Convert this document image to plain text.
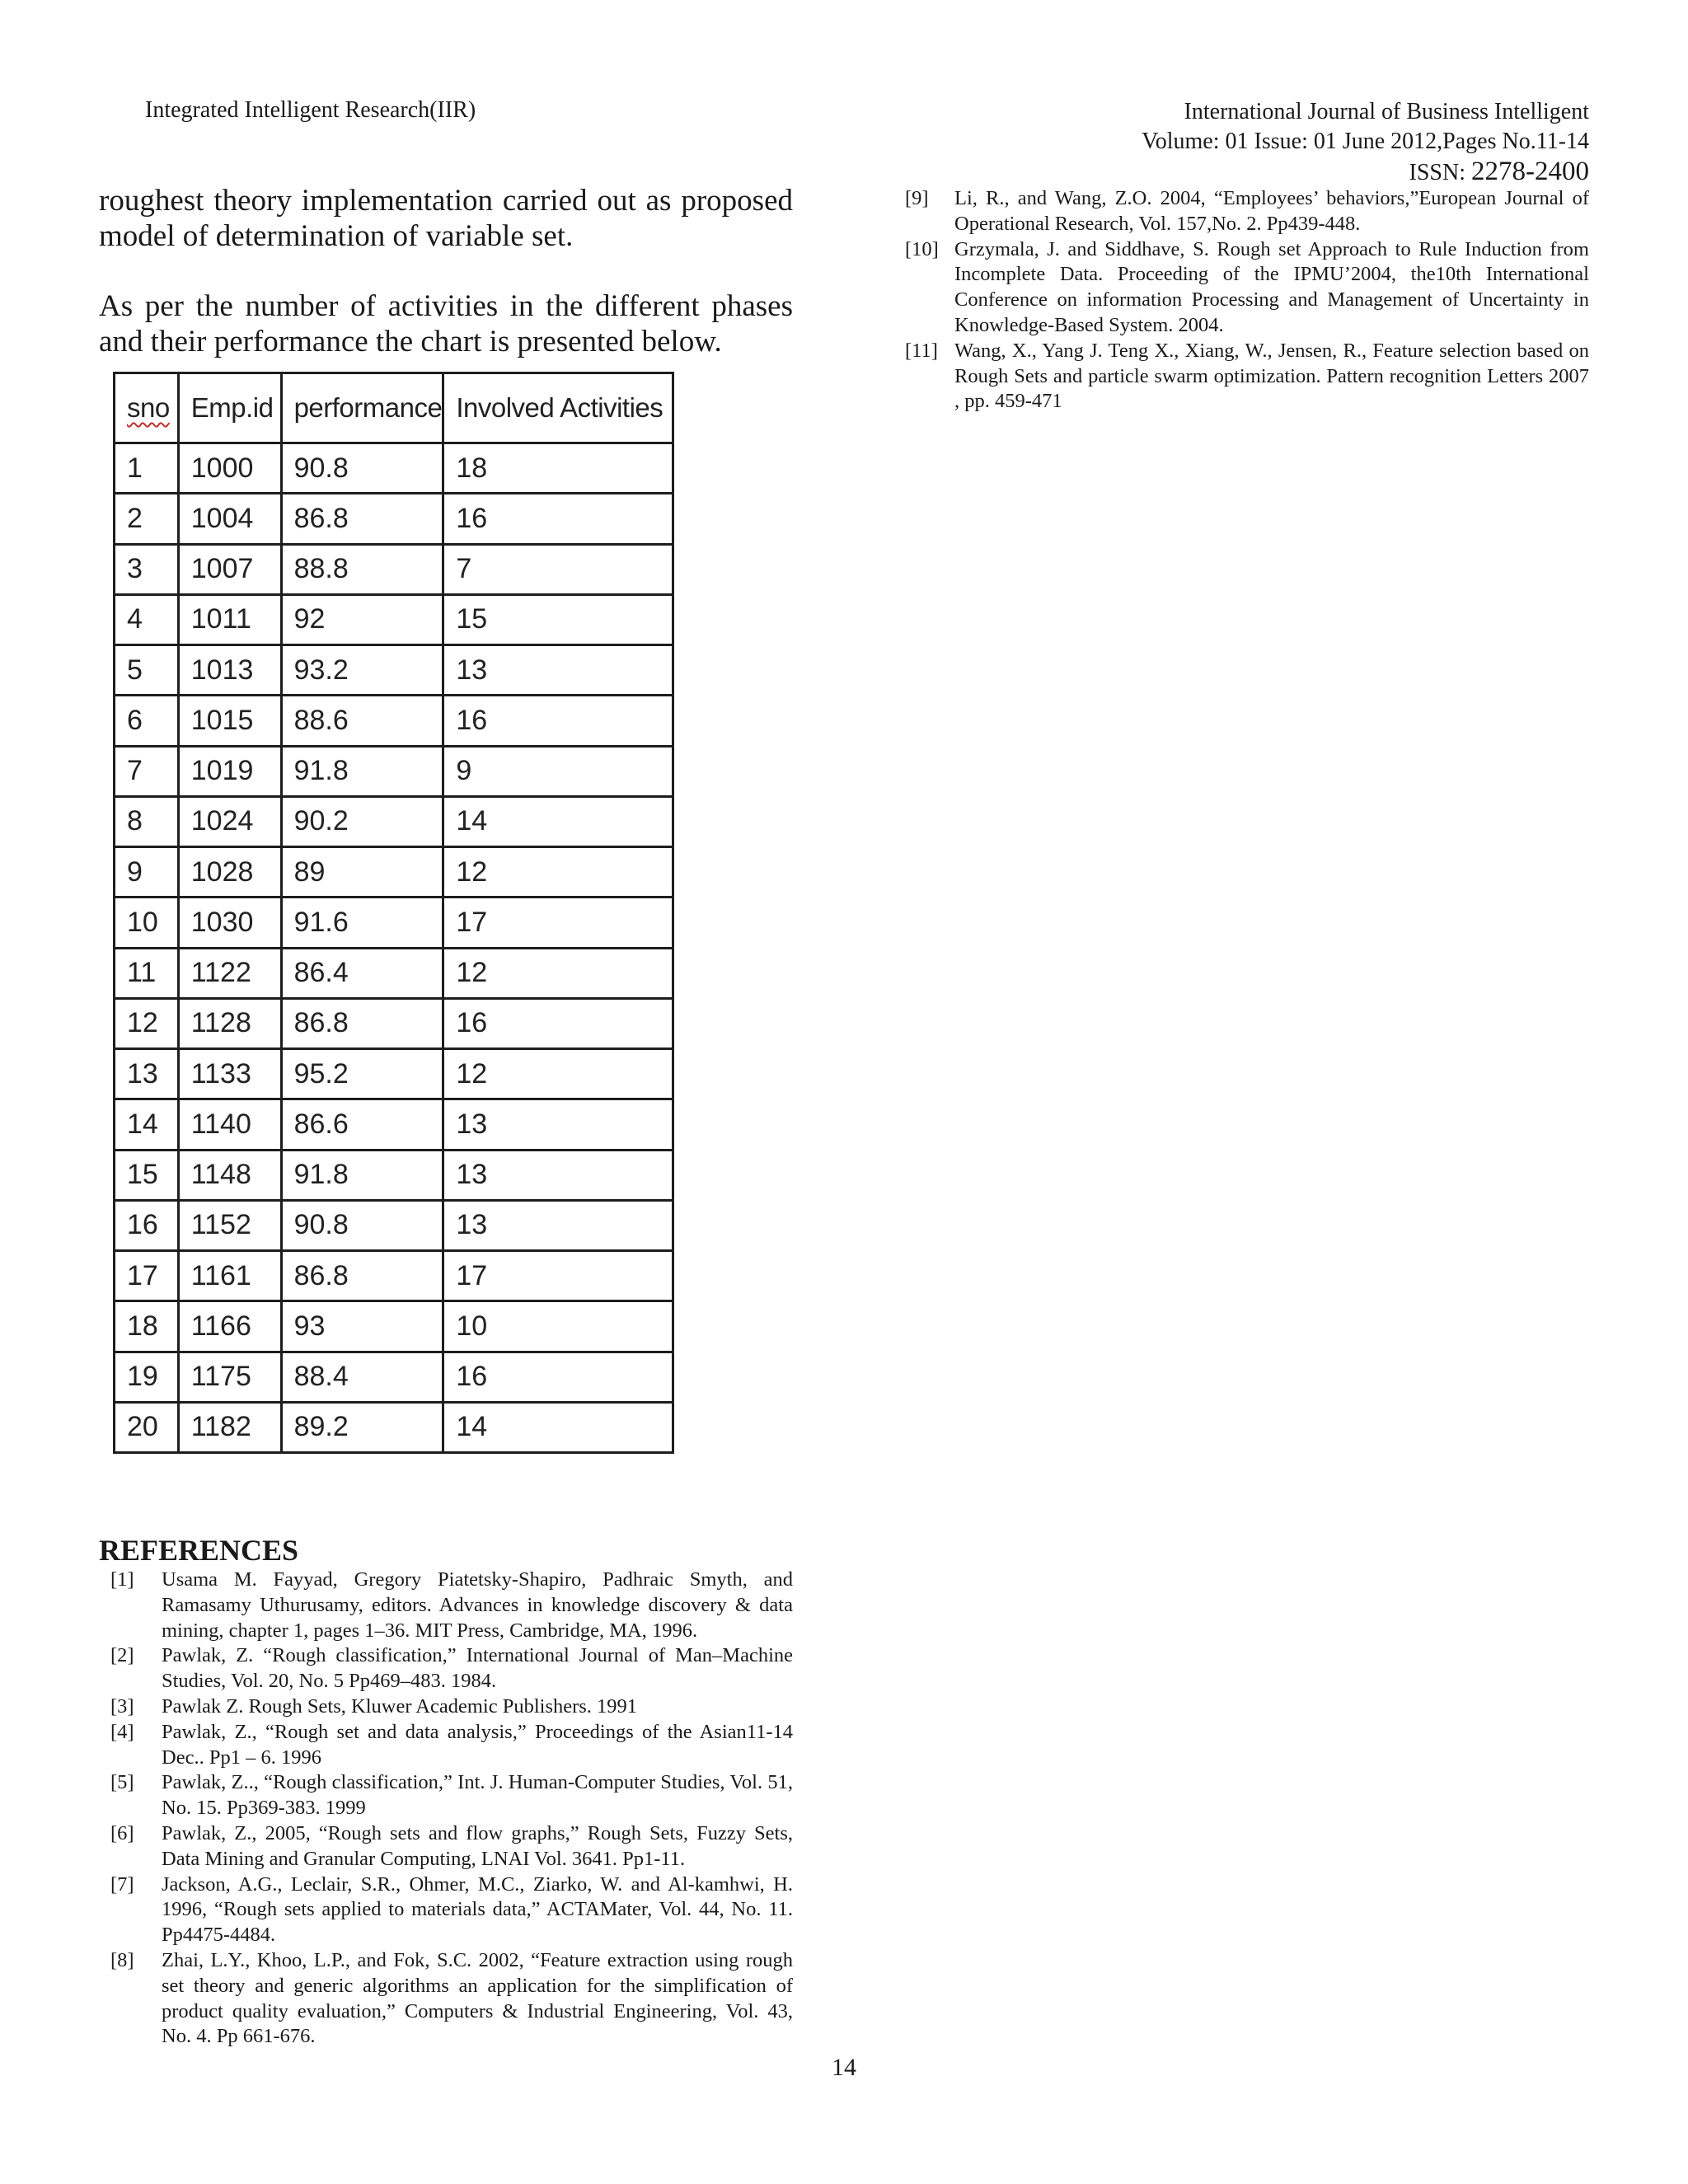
Integrated Intelligent Research(IIR)	International Journal of Business Intelligent
Volume: 01 Issue: 01 June 2012,Pages No.11-14
ISSN: 2278-2400

roughest theory implementation carried out as proposed model of determination of variable set.

As per the number of activities in the different phases and their performance the chart is presented below.

sno	Emp.id	performance	Involved Activities
1	1000	90.8	18
2	1004	86.8	16
3	1007	88.8	7
4	1011	92	15
5	1013	93.2	13
6	1015	88.6	16
7	1019	91.8	9
8	1024	90.2	14
9	1028	89	12
10	1030	91.6	17
11	1122	86.4	12
12	1128	86.8	16
13	1133	95.2	12
14	1140	86.6	13
15	1148	91.8	13
16	1152	90.8	13
17	1161	86.8	17
18	1166	93	10
19	1175	88.4	16
20	1182	89.2	14
REFERENCES
[1]	Usama M. Fayyad, Gregory Piatetsky-Shapiro, Padhraic Smyth, and Ramasamy Uthurusamy, editors. Advances in knowledge discovery & data mining, chapter 1, pages 1–36. MIT Press, Cambridge, MA, 1996.
[2]	Pawlak, Z. “Rough classification,” International Journal of Man–Machine Studies, Vol. 20, No. 5 Pp469–483. 1984.
[3]	Pawlak Z. Rough Sets, Kluwer Academic Publishers. 1991
[4]	Pawlak, Z., “Rough set and data analysis,” Proceedings of the Asian11-14 Dec.. Pp1 – 6. 1996
[5]	Pawlak, Z.., “Rough classification,” Int. J. Human-Computer Studies, Vol. 51, No. 15. Pp369-383. 1999
[6]	Pawlak, Z., 2005, “Rough sets and flow graphs,” Rough Sets, Fuzzy Sets, Data Mining and Granular Computing, LNAI Vol. 3641. Pp1-11.
[7]	Jackson, A.G., Leclair, S.R., Ohmer, M.C., Ziarko, W. and Al-kamhwi, H. 1996, “Rough sets applied to materials data,” ACTAMater, Vol. 44, No. 11. Pp4475-4484.
[8]	Zhai, L.Y., Khoo, L.P., and Fok, S.C. 2002, “Feature extraction using rough set theory and generic algorithms an application for the simplification of product quality evaluation,” Computers & Industrial Engineering, Vol. 43, No. 4. Pp 661-676.
[9]	Li, R., and Wang, Z.O. 2004, “Employees’ behaviors,”European Journal of Operational Research, Vol. 157,No. 2. Pp439-448.
[10] Grzymala, J. and Siddhave, S. Rough set Approach to Rule Induction from Incomplete Data. Proceeding of the IPMU’2004, the10th International Conference on information Processing and Management of Uncertainty in Knowledge-Based System. 2004.
[11] Wang, X., Yang J. Teng X., Xiang, W., Jensen, R., Feature selection based on Rough Sets and particle swarm optimization. Pattern recognition Letters 2007 , pp. 459-471
14
